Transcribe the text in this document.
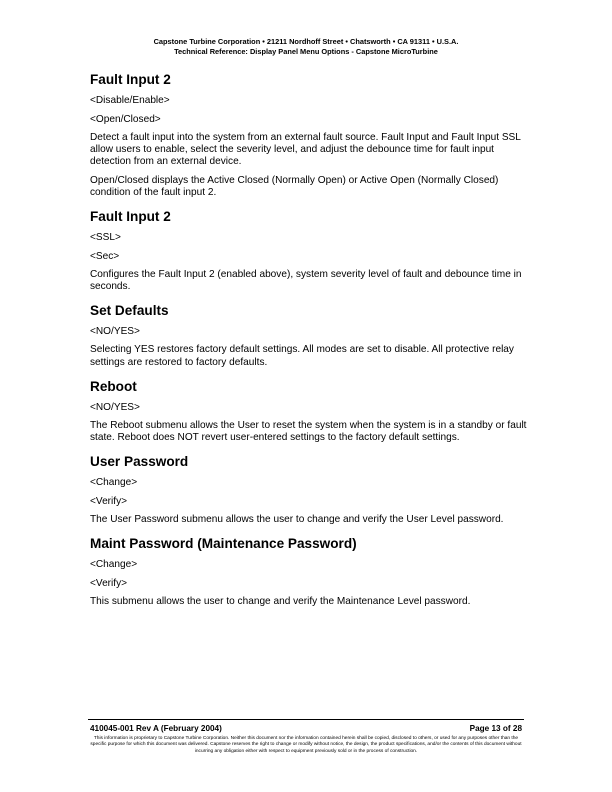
Capstone Turbine Corporation • 21211 Nordhoff Street • Chatsworth • CA 91311 • U.S.A.
Technical Reference: Display Panel Menu Options - Capstone MicroTurbine
Fault Input 2

<Disable/Enable>

<Open/Closed>

Detect a fault input into the system from an external fault source. Fault Input and Fault Input SSL allow users to enable, select the severity level, and adjust the debounce time for fault input detection from an external device.

Open/Closed displays the Active Closed (Normally Open) or Active Open (Normally Closed) condition of the fault input 2.

Fault Input 2

<SSL>

<Sec>

Configures the Fault Input 2 (enabled above), system severity level of fault and debounce time in seconds.

Set Defaults

<NO/YES>

Selecting YES restores factory default settings. All modes are set to disable. All protective relay settings are restored to factory defaults.

Reboot

<NO/YES>

The Reboot submenu allows the User to reset the system when the system is in a standby or fault state. Reboot does NOT revert user-entered settings to the factory default settings.

User Password

<Change>

<Verify>

The User Password submenu allows the user to change and verify the User Level password.

Maint Password (Maintenance Password)

<Change>

<Verify>

This submenu allows the user to change and verify the Maintenance Level password.

410045-001 Rev A (February 2004)	Page 13 of 28
This information is proprietary to Capstone Turbine Corporation. Neither this document nor the information contained herein shall be copied, disclosed to others, or used for any purposes other than the specific purpose for which this document was delivered. Capstone reserves the right to change or modify without notice, the design, the product specifications, and/or the contents of this document without incurring any obligation either with respect to equipment previously sold or in the process of construction.
